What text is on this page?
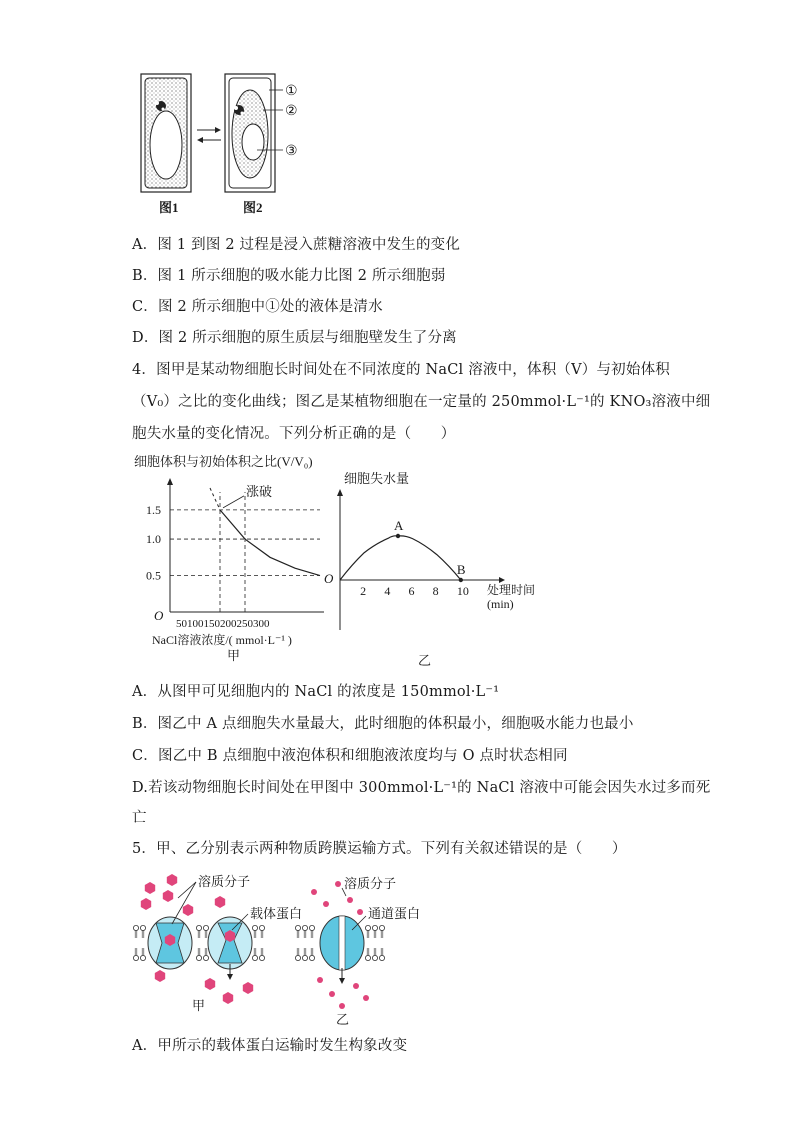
①
②
③
图1	图2
A．图 1 到图 2 过程是浸入蔗糖溶液中发生的变化
B．图 1 所示细胞的吸水能力比图 2 所示细胞弱
C．图 2 所示细胞中①处的液体是清水
D．图 2 所示细胞的原生质层与细胞壁发生了分离
4．图甲是某动物细胞长时间处在不同浓度的 NaCl 溶液中，体积（V）与初始体积
（V₀）之比的变化曲线；图乙是某植物细胞在一定量的 250mmol·L⁻¹的 KNO₃溶液中细
胞失水量的变化情况。下列分析正确的是（　　）
细胞体积与初始体积之比(V/V₀)
1.5
1.0
0.5
50100150200250300
涨破
O
NaCl溶液浓度/( mmol·L⁻¹ )
甲
细胞失水量
2 4 6 8 10
A
B
处理时间
(min)
O
乙
A．从图甲可见细胞内的 NaCl 的浓度是 150mmol·L⁻¹
B．图乙中 A 点细胞失水量最大，此时细胞的体积最小，细胞吸水能力也最小
C．图乙中 B 点细胞中液泡体积和细胞液浓度均与 O 点时状态相同
D.若该动物细胞长时间处在甲图中 300mmol·L⁻¹的 NaCl 溶液中可能会因失水过多而死
亡
5．甲、乙分别表示两种物质跨膜运输方式。下列有关叙述错误的是（　　）
溶质分子
载体蛋白
甲
溶质分子
通道蛋白
乙
A．甲所示的载体蛋白运输时发生构象改变
